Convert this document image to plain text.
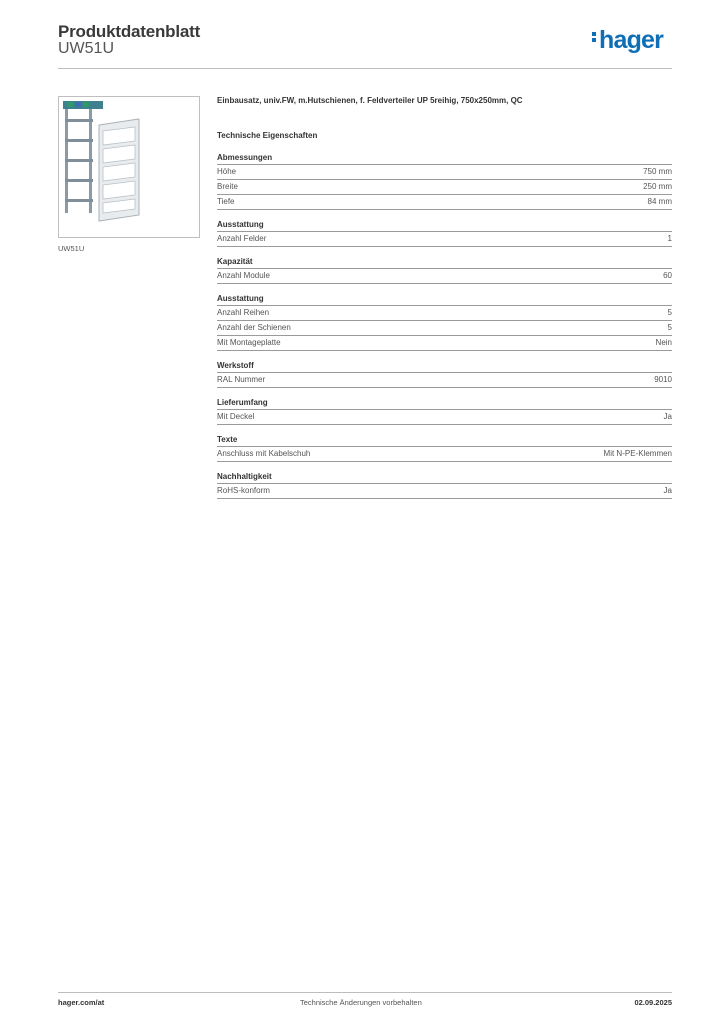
Produktdatenblatt
UW51U	hager
UW51U
Einbausatz, univ.FW, m.Hutschienen, f. Feldverteiler UP 5reihig, 750x250mm, QC
Technische Eigenschaften
Abmessungen
Höhe	750 mm
Breite	250 mm
Tiefe	84 mm
Ausstattung
Anzahl Felder	1
Kapazität
Anzahl Module	60
Ausstattung
Anzahl Reihen	5
Anzahl der Schienen	5
Mit Montageplatte	Nein
Werkstoff
RAL Nummer	9010
Lieferumfang
Mit Deckel	Ja
Texte
Anschluss mit Kabelschuh	Mit N-PE-Klemmen
Nachhaltigkeit
RoHS-konform	Ja
hager.com/at	Technische Änderungen vorbehalten	02.09.2025
